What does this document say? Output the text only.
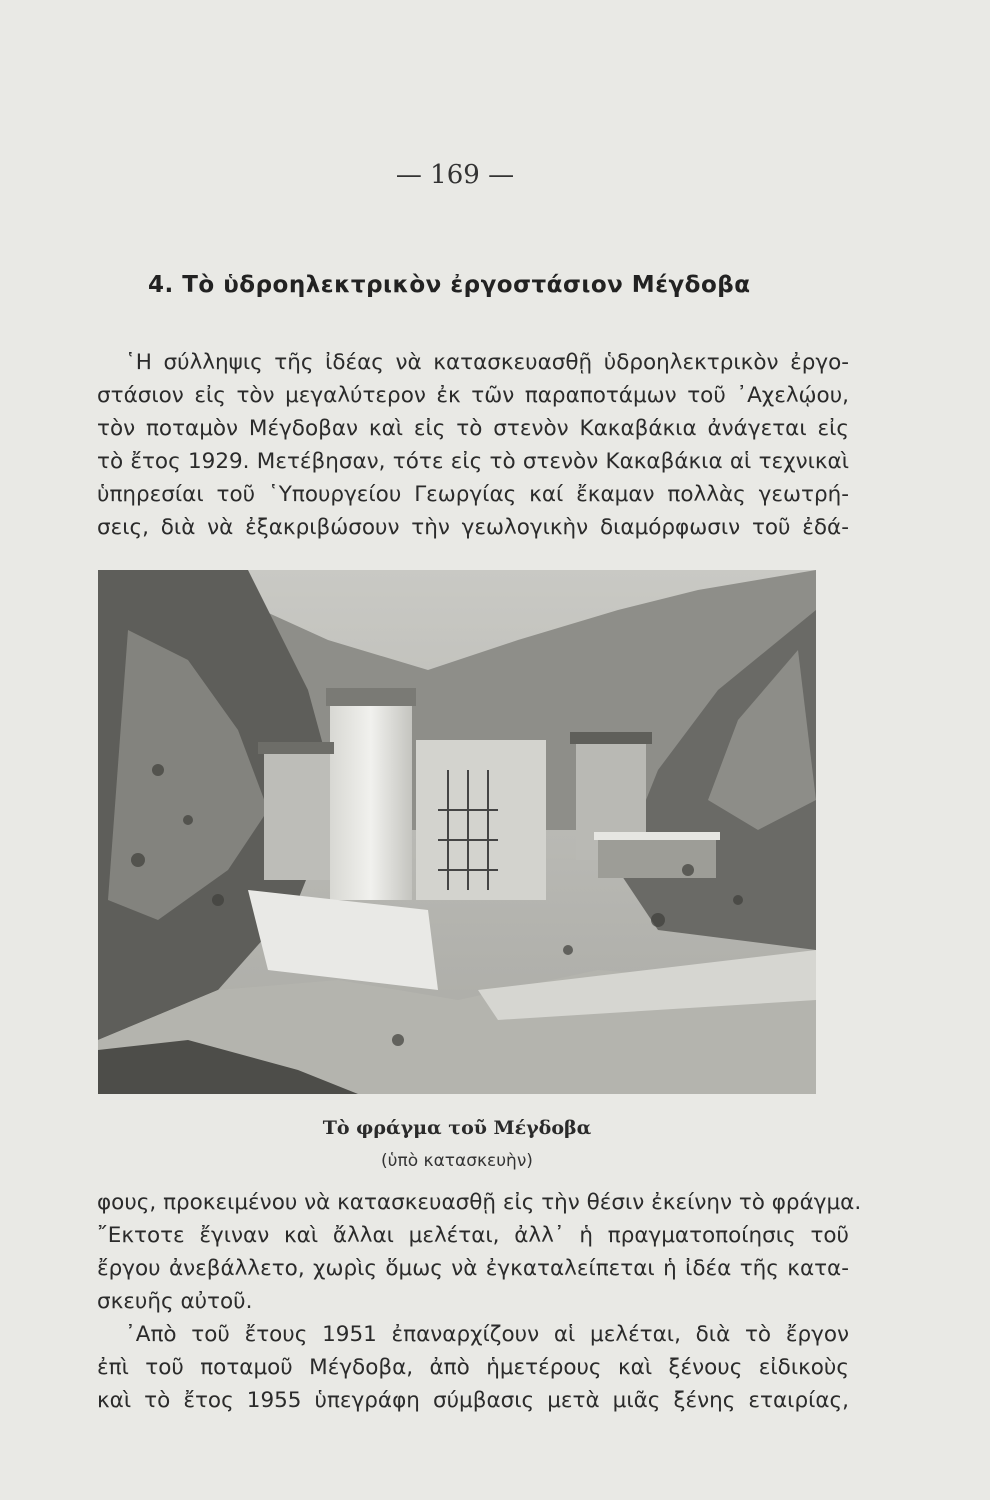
— 169 —
4. Τὸ ὑδροηλεκτρικὸν ἐργοστάσιον Μέγδοβα
῾Η σύλληψις τῆς ἰδέας νὰ κατασκευασθῇ ὑδροηλεκτρικὸν ἐργο-
στάσιον εἰς τὸν μεγαλύτερον ἐκ τῶν παραποτάμων τοῦ ᾿Αχελῴου,
τὸν ποταμὸν Μέγδοβαν καὶ εἰς τὸ στενὸν Κακαβάκια ἀνάγεται εἰς
τὸ ἔτος 1929. Μετέβησαν, τότε εἰς τὸ στενὸν Κακαβάκια αἱ τεχνικαὶ
ὑπηρεσίαι τοῦ ῾Υπουργείου Γεωργίας καί ἔκαμαν πολλὰς γεωτρή-
σεις, διὰ νὰ ἐξακριβώσουν τὴν γεωλογικὴν διαμόρφωσιν τοῦ ἐδά-
Τὸ φράγμα τοῦ Μέγδοβα
(ὑπὸ κατασκευὴν)
φους, προκειμένου νὰ κατασκευασθῇ εἰς τὴν θέσιν ἐκείνην τὸ φράγμα.
῎Εκτοτε ἔγιναν καὶ ἄλλαι μελέται, ἀλλ᾿ ἡ πραγματοποίησις τοῦ
ἔργου ἀνεβάλλετο, χωρὶς ὅμως νὰ ἐγκαταλείπεται ἡ ἰδέα τῆς κατα-
σκευῆς αὐτοῦ.
᾿Απὸ τοῦ ἔτους 1951 ἐπαναρχίζουν αἱ μελέται, διὰ τὸ ἔργον
ἐπὶ τοῦ ποταμοῦ Μέγδοβα, ἀπὸ ἡμετέρους καὶ ξένους εἰδικοὺς
καὶ τὸ ἔτος 1955 ὑπεγράφη σύμβασις μετὰ μιᾶς ξένης εταιρίας,
